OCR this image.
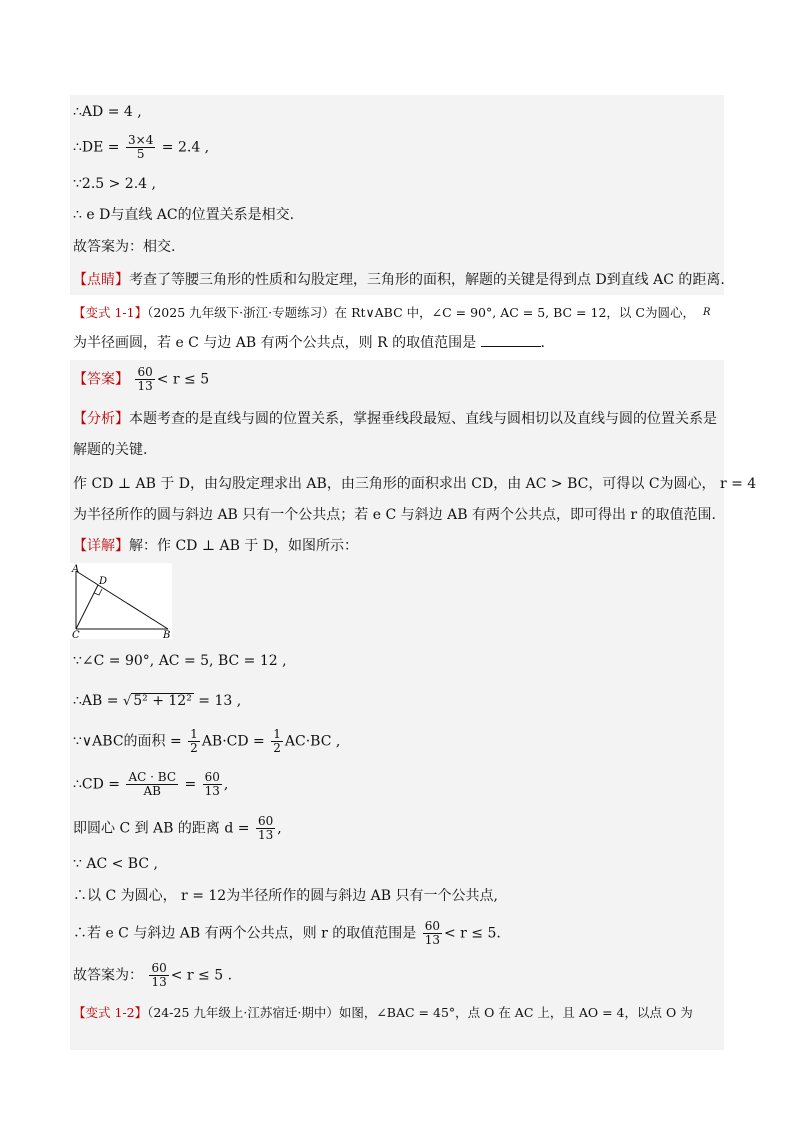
∴AD = 4 ,
∴DE = $\frac{3\times 4}{5} = 2.4$ ,
∵2.5 > 2.4 ,
∴ e D与直线 AC的位置关系是相交.
故答案为：相交.
【点睛】考查了等腰三角形的性质和勾股定理，三角形的面积，解题的关键是得到点 D到直线 AC 的距离.
【变式 1-1】（2025 九年级下·浙江·专题练习）在 Rt∨ABC 中，∠C = 90°, AC = 5, BC = 12，以 C为圆心， R
为半径画圆，若 e C 与边 AB 有两个公共点，则 R 的取值范围是	.
【答案】 $\frac{60}{13} < r \le 5$
【分析】本题考查的是直线与圆的位置关系，掌握垂线段最短、直线与圆相切以及直线与圆的位置关系是
解题的关键.
作 CD ⊥ AB 于 D，由勾股定理求出 AB，由三角形的面积求出 CD，由 AC > BC，可得以 C为圆心， r = 4
为半径所作的圆与斜边 AB 只有一个公共点；若 e C 与斜边 AB 有两个公共点，即可得出 r 的取值范围.
【详解】解：作 CD ⊥ AB 于 D，如图所示：
A
D
C	B
∵∠C = 90°, AC = 5, BC = 12 ,
∴AB = √ 5² + 12² = 13 ,
∵∨ABC的面积 = $\frac{1}{2} AB\cdot CD = \frac{1}{2} AC\cdot BC$ ,
∴CD = $\frac{AC \cdot BC}{AB} = \frac{60}{13}$ ,
即圆心 C 到 AB 的距离 $d = \frac{60}{13}$ ,
∵ AC < BC ,
∴以 C 为圆心， r = 12为半径所作的圆与斜边 AB 只有一个公共点,
∴若 e C 与斜边 AB 有两个公共点，则 r 的取值范围是 $\frac{60}{13} < r \le 5$.
故答案为： $\frac{60}{13} < r \le 5$ .
【变式 1-2】（24-25 九年级上·江苏宿迁·期中）如图，∠BAC = 45°，点 O 在 AC 上，且 AO = 4，以点 O 为
